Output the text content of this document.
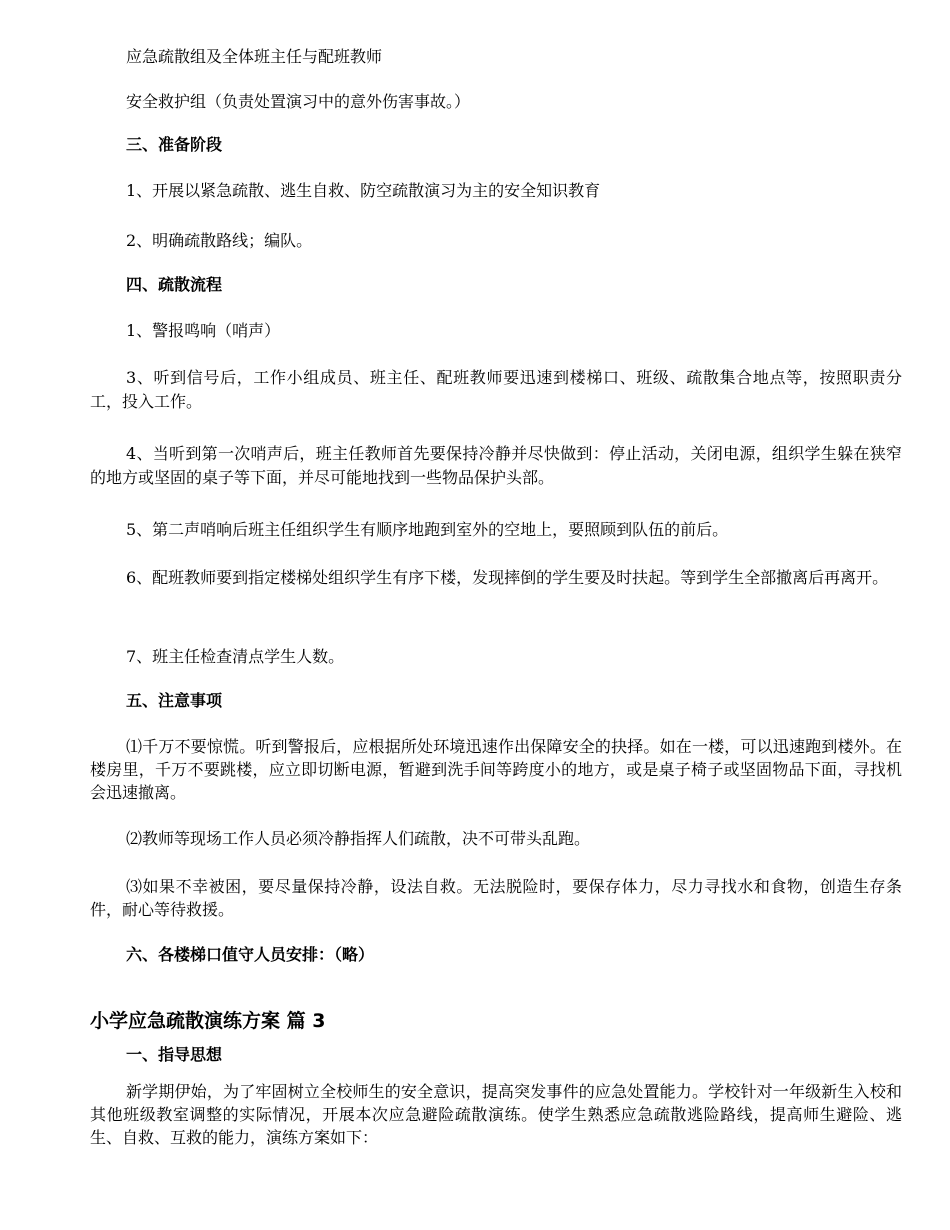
应急疏散组及全体班主任与配班教师
安全救护组（负责处置演习中的意外伤害事故。）
三、准备阶段
1、开展以紧急疏散、逃生自救、防空疏散演习为主的安全知识教育
2、明确疏散路线；编队。
四、疏散流程
1、警报鸣响（哨声）
3、听到信号后，工作小组成员、班主任、配班教师要迅速到楼梯口、班级、疏散集合地点等，按照职责分工，投入工作。
4、当听到第一次哨声后，班主任教师首先要保持冷静并尽快做到：停止活动，关闭电源，组织学生躲在狭窄的地方或坚固的桌子等下面，并尽可能地找到一些物品保护头部。
5、第二声哨响后班主任组织学生有顺序地跑到室外的空地上，要照顾到队伍的前后。
6、配班教师要到指定楼梯处组织学生有序下楼，发现摔倒的学生要及时扶起。等到学生全部撤离后再离开。
7、班主任检查清点学生人数。
五、注意事项
⑴千万不要惊慌。听到警报后，应根据所处环境迅速作出保障安全的抉择。如在一楼，可以迅速跑到楼外。在楼房里，千万不要跳楼，应立即切断电源，暂避到洗手间等跨度小的地方，或是桌子椅子或坚固物品下面，寻找机会迅速撤离。
⑵教师等现场工作人员必须冷静指挥人们疏散，决不可带头乱跑。
⑶如果不幸被困，要尽量保持冷静，设法自救。无法脱险时，要保存体力，尽力寻找水和食物，创造生存条件，耐心等待救援。
六、各楼梯口值守人员安排：（略）
小学应急疏散演练方案 篇 3
一、指导思想
新学期伊始，为了牢固树立全校师生的安全意识，提高突发事件的应急处置能力。学校针对一年级新生入校和其他班级教室调整的实际情况，开展本次应急避险疏散演练。使学生熟悉应急疏散逃险路线，提高师生避险、逃生、自救、互救的能力，演练方案如下：
